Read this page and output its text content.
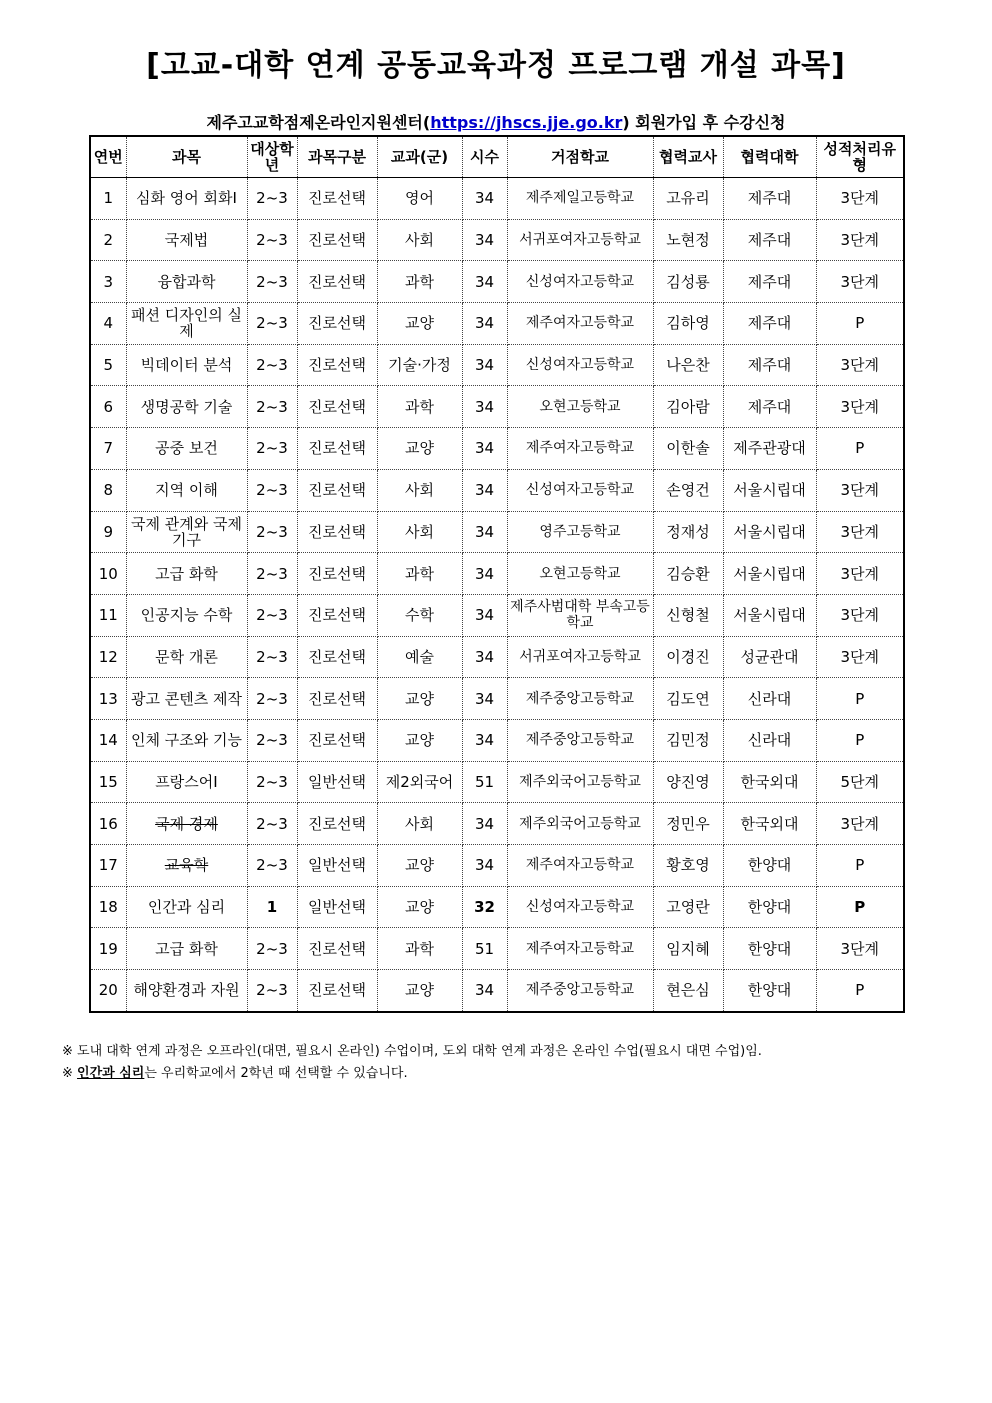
[고교-대학 연계 공동교육과정 프로그램 개설 과목]
제주고교학점제온라인지원센터(https://jhscs.jje.go.kr) 회원가입 후 수강신청
연번	과목	대상학년	과목구분	교과(군)	시수	거점학교	협력교사	협력대학	성적처리유형
1	심화 영어 회화Ⅰ	2~3	진로선택	영어	34	제주제일고등학교	고유리	제주대	3단계
2	국제법	2~3	진로선택	사회	34	서귀포여자고등학교	노현정	제주대	3단계
3	융합과학	2~3	진로선택	과학	34	신성여자고등학교	김성룡	제주대	3단계
4	패션 디자인의 실제	2~3	진로선택	교양	34	제주여자고등학교	김하영	제주대	P
5	빅데이터 분석	2~3	진로선택	기술·가정	34	신성여자고등학교	나은찬	제주대	3단계
6	생명공학 기술	2~3	진로선택	과학	34	오현고등학교	김아람	제주대	3단계
7	공중 보건	2~3	진로선택	교양	34	제주여자고등학교	이한솔	제주관광대	P
8	지역 이해	2~3	진로선택	사회	34	신성여자고등학교	손영건	서울시립대	3단계
9	국제 관계와 국제기구	2~3	진로선택	사회	34	영주고등학교	정재성	서울시립대	3단계
10	고급 화학	2~3	진로선택	과학	34	오현고등학교	김승환	서울시립대	3단계
11	인공지능 수학	2~3	진로선택	수학	34	제주사범대학 부속고등학교	신형철	서울시립대	3단계
12	문학 개론	2~3	진로선택	예술	34	서귀포여자고등학교	이경진	성균관대	3단계
13	광고 콘텐츠 제작	2~3	진로선택	교양	34	제주중앙고등학교	김도연	신라대	P
14	인체 구조와 기능	2~3	진로선택	교양	34	제주중앙고등학교	김민정	신라대	P
15	프랑스어Ⅰ	2~3	일반선택	제2외국어	51	제주외국어고등학교	양진영	한국외대	5단계
16	국제 경제	2~3	진로선택	사회	34	제주외국어고등학교	정민우	한국외대	3단계
17	교육학	2~3	일반선택	교양	34	제주여자고등학교	황호영	한양대	P
18	인간과 심리	1	일반선택	교양	32	신성여자고등학교	고영란	한양대	P
19	고급 화학	2~3	진로선택	과학	51	제주여자고등학교	임지혜	한양대	3단계
20	해양환경과 자원	2~3	진로선택	교양	34	제주중앙고등학교	현은심	한양대	P
※ 도내 대학 연계 과정은 오프라인(대면, 필요시 온라인) 수업이며, 도외 대학 연계 과정은 온라인 수업(필요시 대면 수업)임.
※ 인간과 심리는 우리학교에서 2학년 때 선택할 수 있습니다.
